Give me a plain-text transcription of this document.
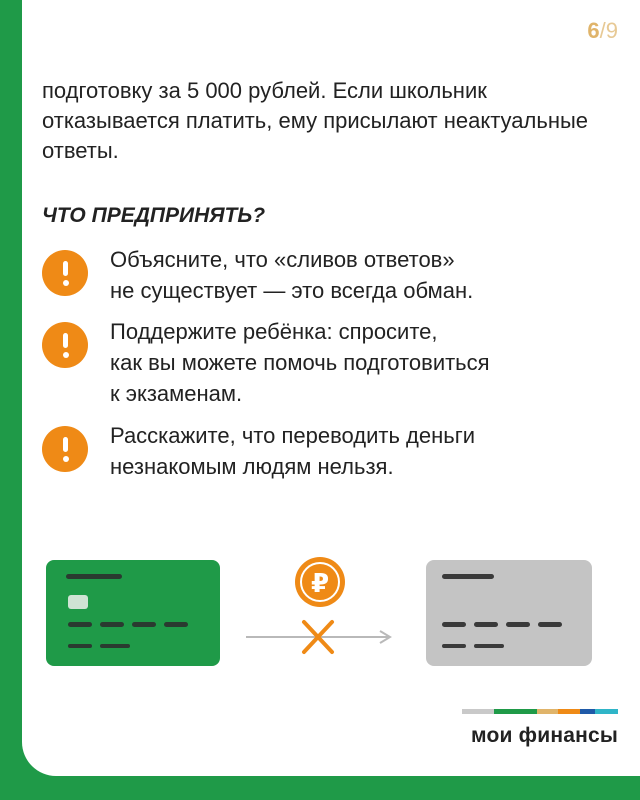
6/9

подготовку за 5 000 рублей. Если школьник отказывается платить, ему присылают неактуальные ответы.

ЧТО ПРЕДПРИНЯТЬ?

Объясните, что «сливов ответов»
не существует — это всегда обман.
Поддержите ребёнка: спросите,
как вы можете помочь подготовиться
к экзаменам.
Расскажите, что переводить деньги
незнакомым людям нельзя.
₽
мои финансы
